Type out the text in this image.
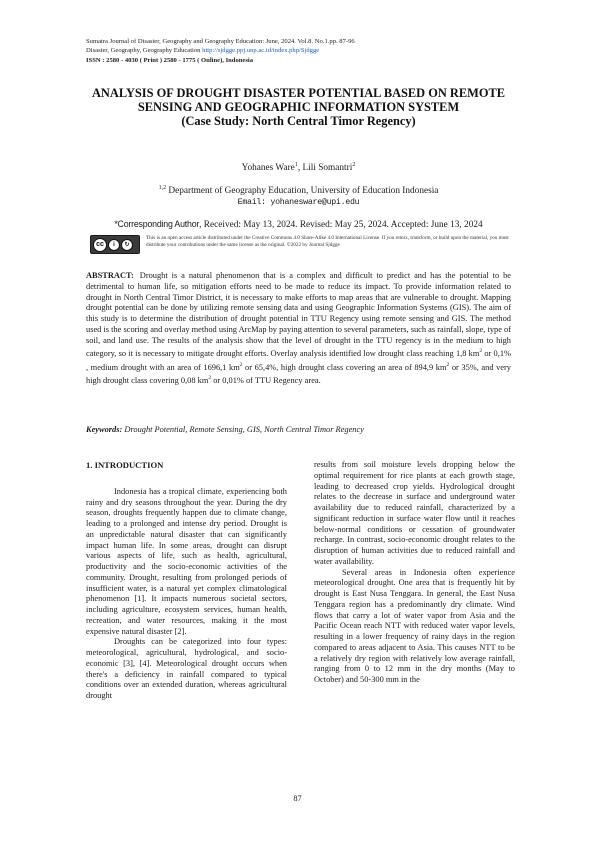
Sumatra Journal of Disaster, Geography and Geography Education: June, 2024. Vol.8. No.1.pp. 87-96
Disaster, Geography, Geography Education http://sjdgge.ppj.unp.ac.id/index.php/Sjdgge
ISSN : 2580 - 4030 ( Print ) 2580 - 1775 ( Online), Indonesia
ANALYSIS OF DROUGHT DISASTER POTENTIAL BASED ON REMOTE SENSING AND GEOGRAPHIC INFORMATION SYSTEM
(Case Study: North Central Timor Regency)
Yohanes Ware$^1$, Lili Somantri$^2$
$^{1,2}$ Department of Geography Education, University of Education Indonesia
Email: yohanesware@upi.edu
*Corresponding Author, Received: May 13, 2024. Revised: May 25, 2024. Accepted: June 13, 2024
cc	i	↻
This is an open access article distributed under the Creative Commons 4.0 Share-Alike 4.0 International License. If you remix, transform, or build upon the material, you must distribute your contributions under the same license as the original. ©2022 by Journal Sjdgge
ABSTRACT: Drought is a natural phenomenon that is a complex and difficult to predict and has the potential to be detrimental to human life, so mitigation efforts need to be made to reduce its impact. To provide information related to drought in North Central Timor District, it is necessary to make efforts to map areas that are vulnerable to drought. Mapping drought potential can be done by utilizing remote sensing data and using Geographic Information Systems (GIS). The aim of this study is to determine the distribution of drought potential in TTU Regency using remote sensing and GIS. The method used is the scoring and overlay method using ArcMap by paying attention to several parameters, such as rainfall, slope, type of soil, and land use. The results of the analysis show that the level of drought in the TTU regency is in the medium to high category, so it is necessary to mitigate drought efforts. Overlay analysis identified low drought class reaching 1,8 $km^2$ or 0,1% , medium drought with an area of 1696,1 $km^2$ or 65,4%, high drought class covering an area of 894,9 $km^2$ or 35%, and very high drought class covering 0,08 $km^2$ or 0,01% of TTU Regency area.
Keywords: Drought Potential, Remote Sensing, GIS, North Central Timor Regency
1. INTRODUCTION

Indonesia has a tropical climate, experiencing both rainy and dry seasons throughout the year. During the dry season, droughts frequently happen due to climate change, leading to a prolonged and intense dry period. Drought is an unpredictable natural disaster that can significantly impact human life. In some areas, drought can disrupt various aspects of life, such as health, agricultural, productivity and the socio-economic activities of the community. Drought, resulting from prolonged periods of insufficient water, is a natural yet complex climatological phenomenon [1]. It impacts numerous societal sectors, including agriculture, ecosystem services, human health, recreation, and water resources, making it the most expensive natural disaster [2].

Droughts can be categorized into four types: meteorological, agricultural, hydrological, and socio-economic [3], [4]. Meteorological drought occurs when there's a deficiency in rainfall compared to typical conditions over an extended duration, whereas agricultural drought

results from soil moisture levels dropping below the optimal requirement for rice plants at each growth stage, leading to decreased crop yields. Hydrological drought relates to the decrease in surface and underground water availability due to reduced rainfall, characterized by a significant reduction in surface water flow until it reaches below-normal conditions or cessation of groundwater recharge. In contrast, socio-economic drought relates to the disruption of human activities due to reduced rainfall and water availability.

Several areas in Indonesia often experience meteorological drought. One area that is frequently hit by drought is East Nusa Tenggara. In general, the East Nusa Tenggara region has a predominantly dry climate. Wind flows that carry a lot of water vapor from Asia and the Pacific Ocean reach NTT with reduced water vapor levels, resulting in a lower frequency of rainy days in the region compared to areas adjacent to Asia. This causes NTT to be a relatively dry region with relatively low average rainfall, ranging from 0 to 12 mm in the dry months (May to October) and 50-300 mm in the

87
